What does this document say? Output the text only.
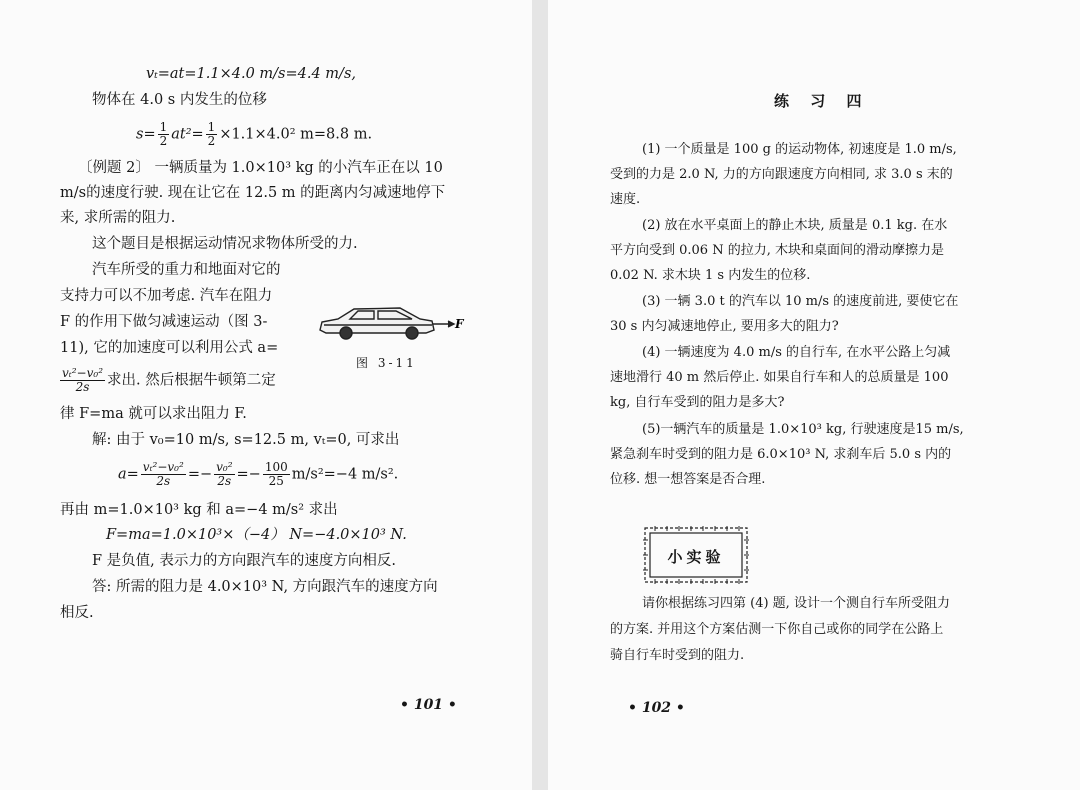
vₜ=at=1.1×4.0 m/s=4.4 m/s,
物体在 4.0 s 内发生的位移
$s= \frac{1}{2} at^2= \frac{1}{2} \times 1.1\times 4.0^2$ m=8.8 m.
〔例题 2〕 一辆质量为 1.0×10³ kg 的小汽车正在以 10
m/s的速度行驶. 现在让它在 12.5 m 的距离内匀减速地停下
来, 求所需的阻力.
这个题目是根据运动情况求物体所受的力.
汽车所受的重力和地面对它的
支持力可以不加考虑. 汽车在阻力
F 的作用下做匀减速运动（图 3-
11), 它的加速度可以利用公式 a=
$\frac{\text{vₜ²−v₀²}}{2s}$ 求出. 然后根据牛顿第二定
律 F=ma 就可以求出阻力 F.
F
图 3-11
解: 由于 v₀=10 m/s, s=12.5 m, vₜ=0, 可求出
$a= \frac{\text{vₜ²−v₀²}}{2s} =- \frac{\text{v₀²}}{2s} =- \frac{100}{25} m/s^2=-4$ m/s².
再由 m=1.0×10³ kg 和 a=−4 m/s² 求出
F=ma=1.0×10³×（−4） N=−4.0×10³ N.
F 是负值, 表示力的方向跟汽车的速度方向相反.
答: 所需的阻力是 4.0×10³ N, 方向跟汽车的速度方向
相反.
• 101 •
练 习 四
(1) 一个质量是 100 g 的运动物体, 初速度是 1.0 m/s,
受到的力是 2.0 N, 力的方向跟速度方向相同, 求 3.0 s 末的
速度.
(2) 放在水平桌面上的静止木块, 质量是 0.1 kg. 在水
平方向受到 0.06 N 的拉力, 木块和桌面间的滑动摩擦力是
0.02 N. 求木块 1 s 内发生的位移.
(3) 一辆 3.0 t 的汽车以 10 m/s 的速度前进, 要使它在
30 s 内匀减速地停止, 要用多大的阻力?
(4) 一辆速度为 4.0 m/s 的自行车, 在水平公路上匀减
速地滑行 40 m 然后停止. 如果自行车和人的总质量是 100
kg, 自行车受到的阻力是多大?
(5)一辆汽车的质量是 1.0×10³ kg, 行驶速度是15 m/s,
紧急刹车时受到的阻力是 6.0×10³ N, 求刹车后 5.0 s 内的
位移. 想一想答案是否合理.
请你根据练习四第 (4) 题, 设计一个测自行车所受阻力
的方案. 并用这个方案估测一下你自己或你的同学在公路上
骑自行车时受到的阻力.
• 102 •
小实验
